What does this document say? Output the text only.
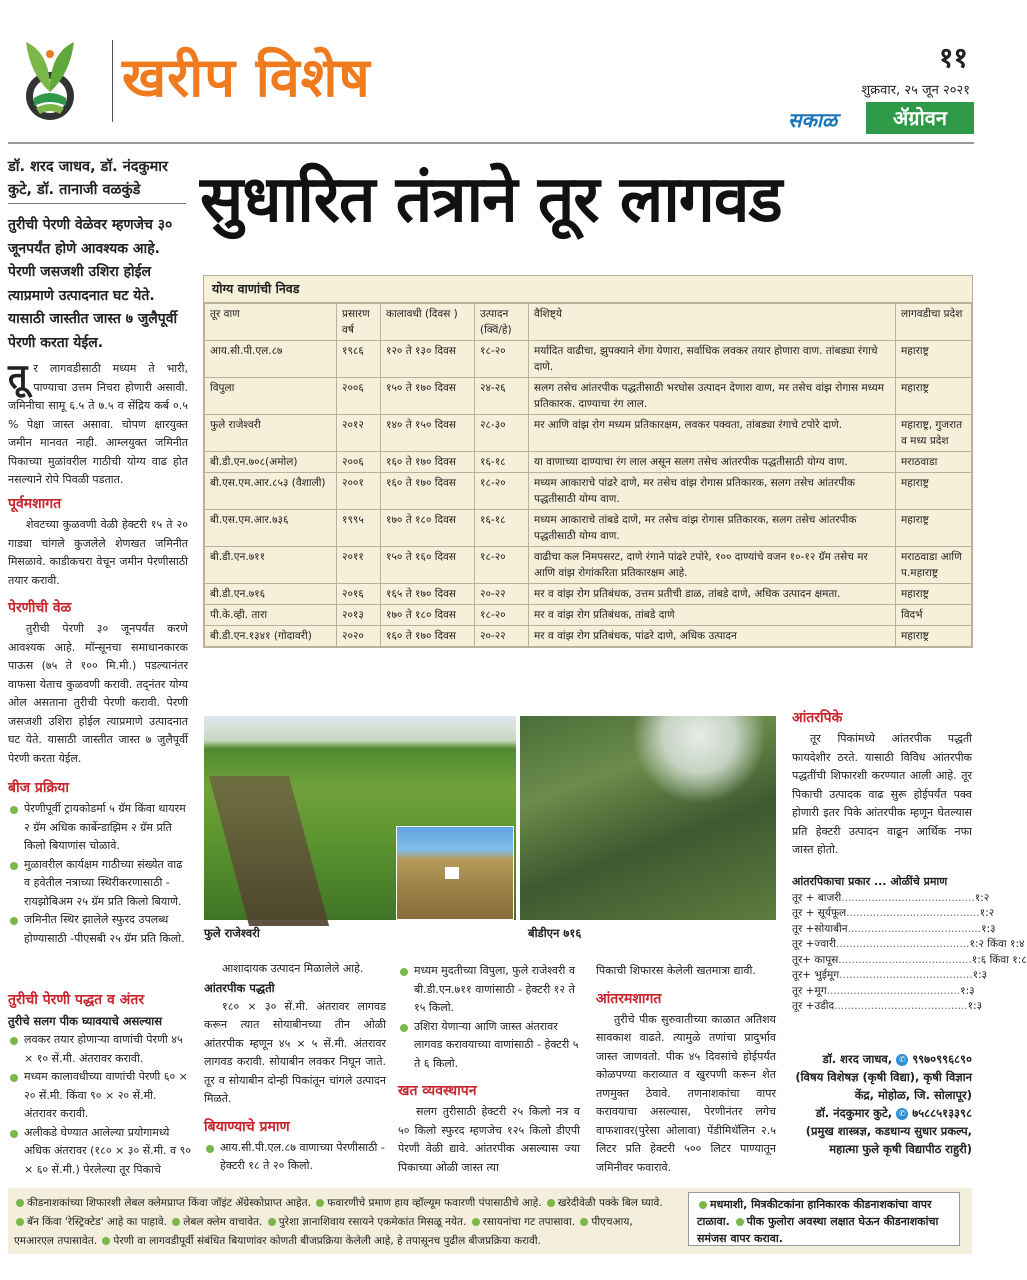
खरीप विशेष	११
शुक्रवार, २५ जून २०२१
सकाळ	ॲग्रोवन
डॉ. शरद जाधव, डॉ. नंदकुमार कुटे, डॉ. तानाजी वळकुंडे
तुरीची पेरणी वेळेवर म्हणजेच ३० जूनपर्यंत होणे आवश्यक आहे. पेरणी जसजशी उशिरा होईल त्याप्रमाणे उत्पादनात घट येते. यासाठी जास्तीत जास्त ७ जुलैपूर्वी पेरणी करता येईल.
तूर लागवडीसाठी मध्यम ते भारी, पाण्याचा उत्तम निचरा होणारी असावी. जमिनीचा सामू ६.५ ते ७.५ व सेंद्रिय कर्ब ०.५ % पेक्षा जास्त असावा. चोपण क्षारयुक्त जमीन मानवत नाही. आम्लयुक्त जमिनीत पिकाच्या मुळांवरील गाठीची योग्य वाढ होत नसल्याने रोपे पिवळी पडतात.
पूर्वमशागत

शेवटच्या कुळवणी वेळी हेक्टरी १५ ते २० गाड्या चांगले कुजलेले शेणखत जमिनीत मिसळावे. काडीकचरा वेचून जमीन पेरणीसाठी तयार करावी.

पेरणीची वेळ

तुरीची पेरणी ३० जूनपर्यंत करणे आवश्यक आहे. मॉन्सूनचा समाधानकारक पाऊस (७५ ते १०० मि.मी.) पडल्यानंतर वाफसा येताच कुळवणी करावी. तद्नंतर योग्य ओल असताना तुरीची पेरणी करावी. पेरणी जसजशी उशिरा होईल त्याप्रमाणे उत्पादनात घट येते. यासाठी जास्तीत जास्त ७ जुलैपूर्वी पेरणी करता येईल.

बीज प्रक्रिया

पेरणीपूर्वी ट्रायकोडर्मा ५ ग्रॅम किंवा थायरम २ ग्रॅम अधिक कार्बेन्डाझिम २ ग्रॅम प्रति किलो बियाणांस चोळावे.

मुळावरील कार्यक्षम गाठीच्या संख्येत वाढ व हवेतील नत्राच्या स्थिरीकरणासाठी - रायझोबिअम २५ ग्रॅम प्रति किलो बियाणे.

जमिनीत स्थिर झालेले स्फुरद उपलब्ध होण्यासाठी -पीएसबी २५ ग्रॅम प्रति किलो.

तुरीची पेरणी पद्धत व अंतर

तुरीचे सलग पीक घ्यावयाचे असल्यास

लवकर तयार होणाऱ्या वाणांची पेरणी ४५ × १० सें.मी. अंतरावर करावी.

मध्यम कालावधीच्या वाणांची पेरणी ६० × २० सें.मी. किंवा ९० × २० सें.मी. अंतरावर करावी.

अलीकडे घेण्यात आलेल्या प्रयोगामध्ये अधिक अंतरावर (१८० × ३० सें.मी. व ९० × ६० सें.मी.) पेरलेल्या तूर पिकाचे

सुधारित तंत्राने तूर लागवड
योग्य वाणांची निवड
तूर वाण	प्रसारण वर्ष	कालावधी (दिवस )	उत्पादन (क्विं/हे)	वैशिष्ट्ये	लागवडीचा प्रदेश
आय.सी.पी.एल.८७	१९८६	१२० ते १३० दिवस	१८-२०	मर्यादित वाढीचा, झुपक्याने शेंगा येणारा, सर्वाधिक लवकर तयार होणारा वाण. तांबड्या रंगाचे दाणे.	महाराष्ट्र
विपुला	२००६	१५० ते १७० दिवस	२४-२६	सलग तसेच आंतरपीक पद्धतीसाठी भरघोस उत्पादन देणारा वाण, मर तसेच वांझ रोगास मध्यम प्रतिकारक. दाण्याचा रंग लाल.	महाराष्ट्र
फुले राजेश्वरी	२०१२	१४० ते १५० दिवस	२८-३०	मर आणि वांझ रोग मध्यम प्रतिकारक्षम, लवकर पक्वता, तांबड्या रंगाचे टपोरे दाणे.	महाराष्ट्र, गुजरात व मध्य प्रदेश
बी.डी.एन.७०८(अमोल)	२००६	१६० ते १७० दिवस	१६-१८	या वाणाच्या दाण्याचा रंग लाल असून सलग तसेच आंतरपीक पद्धतीसाठी योग्य वाण.	मराठवाडा
बी.एस.एम.आर.८५३ (वैशाली)	२००१	१६० ते १७० दिवस	१८-२०	मध्यम आकाराचे पांढरे दाणे, मर तसेच वांझ रोगास प्रतिकारक, सलग तसेच आंतरपीक पद्धतीसाठी योग्य वाण.	महाराष्ट्र
बी.एस.एम.आर.७३६	१९९५	१७० ते १८० दिवस	१६-१८	मध्यम आकाराचे तांबडे दाणे, मर तसेच वांझ रोगास प्रतिकारक, सलग तसेच आंतरपीक पद्धतीसाठी योग्य वाण.	महाराष्ट्र
बी.डी.एन.७११	२०११	१५० ते १६० दिवस	१८-२०	वाढीचा कल निमपसरट, दाणे रंगाने पांढरे टपोरे, १०० दाण्यांचे वजन १०-१२ ग्रॅम तसेच मर आणि वांझ रोगांकरिता प्रतिकारक्षम आहे.	मराठवाडा आणि प.महाराष्ट्र
बी.डी.एन.७१६	२०१६	१६५ ते १७० दिवस	२०-२२	मर व वांझ रोग प्रतिबंधक, उत्तम प्रतीची डाळ, तांबडे दाणे, अधिक उत्पादन क्षमता.	महाराष्ट्र
पी.के.व्ही. तारा	२०१३	१७० ते १८० दिवस	१८-२०	मर व वांझ रोग प्रतिबंधक, तांबडे दाणे	विदर्भ
बी.डी.एन.१३४१ (गोदावरी)	२०२०	१६० ते १७० दिवस	२०-२२	मर व वांझ रोग प्रतिबंधक, पांढरे दाणे, अधिक उत्पादन	महाराष्ट्र
फुले राजेश्वरी	बीडीएन ७१६

आशादायक उत्पादन मिळालेले आहे.

आंतरपीक पद्धती

१८० × ३० सें.मी. अंतरावर लागवड करून त्यात सोयाबीनच्या तीन ओळी आंतरपीक म्हणून ४५ × ५ सें.मी. अंतरावर लागवड करावी. सोयाबीन लवकर निघून जाते. तूर व सोयाबीन दोन्ही पिकांतून चांगले उत्पादन मिळते.

बियाण्याचे प्रमाण

आय.सी.पी.एल.८७ वाणाच्या पेरणीसाठी - हेक्टरी १८ ते २० किलो.

मध्यम मुदतीच्या विपुला, फुले राजेश्वरी व बी.डी.एन.७११ वाणांसाठी - हेक्टरी १२ ते १५ किलो.

उशिरा येणाऱ्या आणि जास्त अंतरावर लागवड करावयाच्या वाणांसाठी - हेक्टरी ५ ते ६ किलो.

खत व्यवस्थापन

सलग तुरीसाठी हेक्टरी २५ किलो नत्र व ५० किलो स्फुरद म्हणजेच १२५ किलो डीएपी पेरणी वेळी द्यावे. आंतरपीक असल्यास ज्या पिकाच्या ओळी जास्त त्या

पिकाची शिफारस केलेली खतमात्रा द्यावी.

आंतरमशागत

तुरीचे पीक सुरुवातीच्या काळात अतिशय सावकाश वाढते. त्यामुळे तणांचा प्रादुर्भाव जास्त जाणवतो. पीक ४५ दिवसांचे होईपर्यंत कोळपण्या कराव्यात व खुरपणी करून शेत तणमुक्त ठेवावे. तणनाशकांचा वापर करावयाचा असल्यास, पेरणीनंतर लगेच वाफशावर(पुरेसा ओलावा) पेंडीमिथॅलिन २.५ लिटर प्रति हेक्टरी ५०० लिटर पाण्यातून जमिनीवर फवारावे.

आंतरपिके

तूर पिकांमध्ये आंतरपीक पद्धती फायदेशीर ठरते. यासाठी विविध आंतरपीक पद्धतींची शिफारशी करण्यात आली आहे. तूर पिकाची उत्पादक वाढ सुरू होईपर्यंत पक्व होणारी इतर पिके आंतरपीक म्हणून घेतल्यास प्रति हेक्टरी उत्पादन वाढून आर्थिक नफा जास्त होतो.

आंतरपिकाचा प्रकार ... ओळींचे प्रमाण

तूर + बाजरी ........................................ १:२
तूर + सूर्यफूल ........................................ १:२
तूर +सोयाबीन ........................................ १:३
तूर +ज्वारी ........................................ १:२ किंवा १:४
तूर+ कापूस ........................................ १:६ किंवा १:८
तूर+ भुईमूग ........................................ १:३
तूर +मूग ........................................ १:३
तूर +उडीद ........................................ १:३
डॉ. शरद जाधव, ✆ ९९७०९९६८९०
(विषय विशेषज्ञ (कृषी विद्या), कृषी विज्ञान केंद्र, मोहोळ, जि. सोलापूर)
डॉ. नंदकुमार कुटे, ✆ ७५८८५१३३९८
(प्रमुख शास्त्रज्ञ, कडधान्य सुधार प्रकल्प, महात्मा फुले कृषी विद्यापीठ राहुरी)
कीडनाशकांच्या शिफारशी लेबल क्लेमप्राप्त किंवा जॉइंट ॲग्रेस्कोप्राप्त आहेत. फवारणीचे प्रमाण हाय व्हॉल्यूम फवारणी पंपासाठीचे आहे. खरेदीवेळी पक्के बिल घ्यावे. बॅन किंवा 'रेस्ट्रिक्टेड' आहे का पाहावे. लेबल क्लेम वाचावेत. पुरेशा ज्ञानाशिवाय रसायने एकमेकांत मिसळू नयेत. रसायनांचा गट तपासावा. पीएचआय, एमआरएल तपासावेत. पेरणी वा लागवडीपूर्वी संबंधित बियाणांवर कोणती बीजप्रक्रिया केलेली आहे, हे तपासूनच पुढील बीजप्रक्रिया करावी.
मधमाशी, मित्रकीटकांना हानिकारक कीडनाशकांचा वापर टाळावा. पीक फुलोरा अवस्था लक्षात घेऊन कीडनाशकांचा समंजस वापर करावा.
